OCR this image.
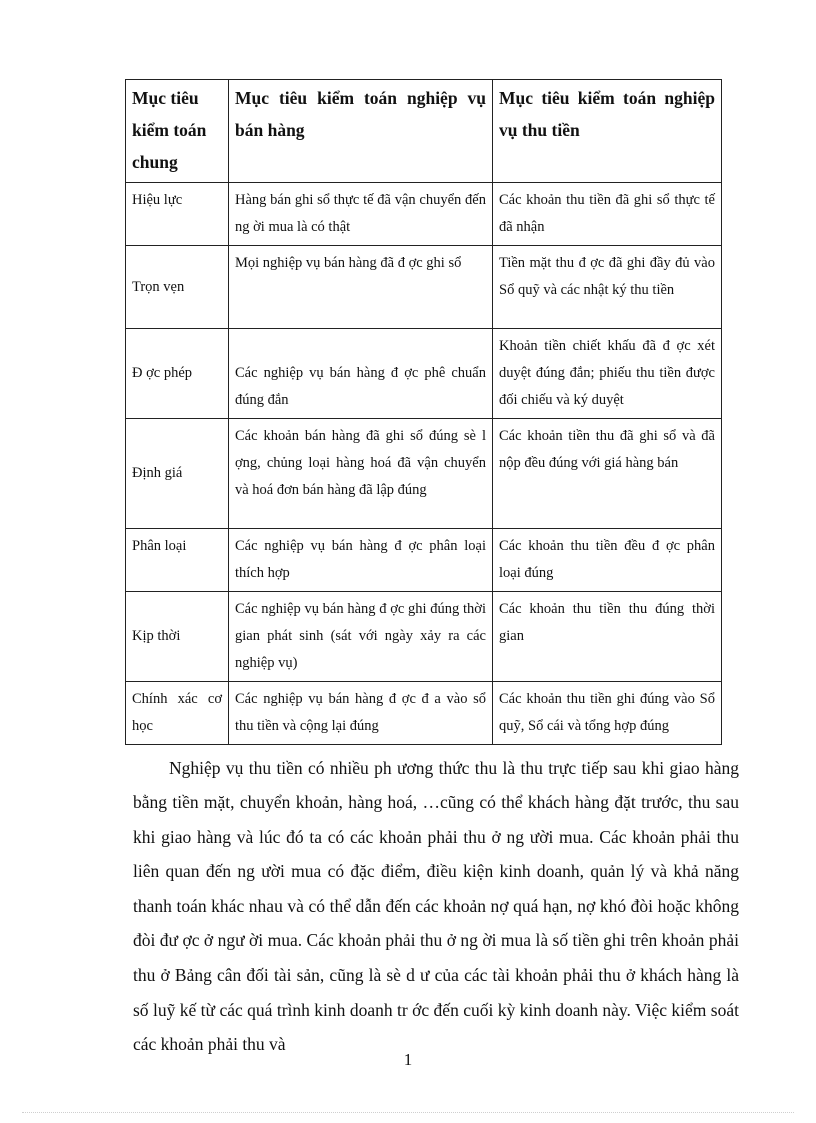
Mục tiêu kiểm toán chung	Mục tiêu kiểm toán nghiệp vụ bán hàng	Mục tiêu kiểm toán nghiệp vụ thu tiền
Hiệu lực	Hàng bán ghi sổ thực tế đã vận chuyển đến ng ời mua là có thật	Các khoản thu tiền đã ghi sổ thực tế đã nhận
Trọn vẹn	Mọi nghiệp vụ bán hàng đã đ ợc ghi sổ	Tiền mặt thu đ ợc đã ghi đầy đủ vào Sổ quỹ và các nhật ký thu tiền
Đ ợc phép	Các nghiệp vụ bán hàng đ ợc phê chuẩn đúng đắn	Khoản tiền chiết khấu đã đ ợc xét duyệt đúng đắn; phiếu thu tiền được đối chiếu và ký duyệt
Định giá	Các khoản bán hàng đã ghi sổ đúng sè l ợng, chủng loại hàng hoá đã vận chuyển và hoá đơn bán hàng đã lập đúng	Các khoản tiền thu đã ghi sổ và đã nộp đều đúng với giá hàng bán
Phân loại	Các nghiệp vụ bán hàng đ ợc phân loại thích hợp	Các khoản thu tiền đều đ ợc phân loại đúng
Kịp thời	Các nghiệp vụ bán hàng đ ợc ghi đúng thời gian phát sinh (sát với ngày xảy ra các nghiệp vụ)	Các khoản thu tiền thu đúng thời gian
Chính xác cơ học	Các nghiệp vụ bán hàng đ ợc đ a vào sổ thu tiền và cộng lại đúng	Các khoản thu tiền ghi đúng vào Sổ quỹ, Sổ cái và tổng hợp đúng

Nghiệp vụ thu tiền có nhiều ph ương thức thu là thu trực tiếp sau khi giao hàng bằng tiền mặt, chuyển khoản, hàng hoá, …cũng có thể khách hàng đặt trước, thu sau khi giao hàng và lúc đó ta có các khoản phải thu ở ng ười mua. Các khoản phải thu liên quan đến ng ười mua có đặc điểm, điều kiện kinh doanh, quản lý và khả năng thanh toán khác nhau và có thể dẫn đến các khoản nợ quá hạn, nợ khó đòi hoặc không đòi đư ợc ở ngư ời mua. Các khoản phải thu ở ng ời mua là số tiền ghi trên khoản phải thu ở Bảng cân đối tài sản, cũng là sè d ư của các tài khoản phải thu ở khách hàng là số luỹ kế từ các quá trình kinh doanh tr ớc đến cuối kỳ kinh doanh này. Việc kiểm soát các khoản phải thu và

1
